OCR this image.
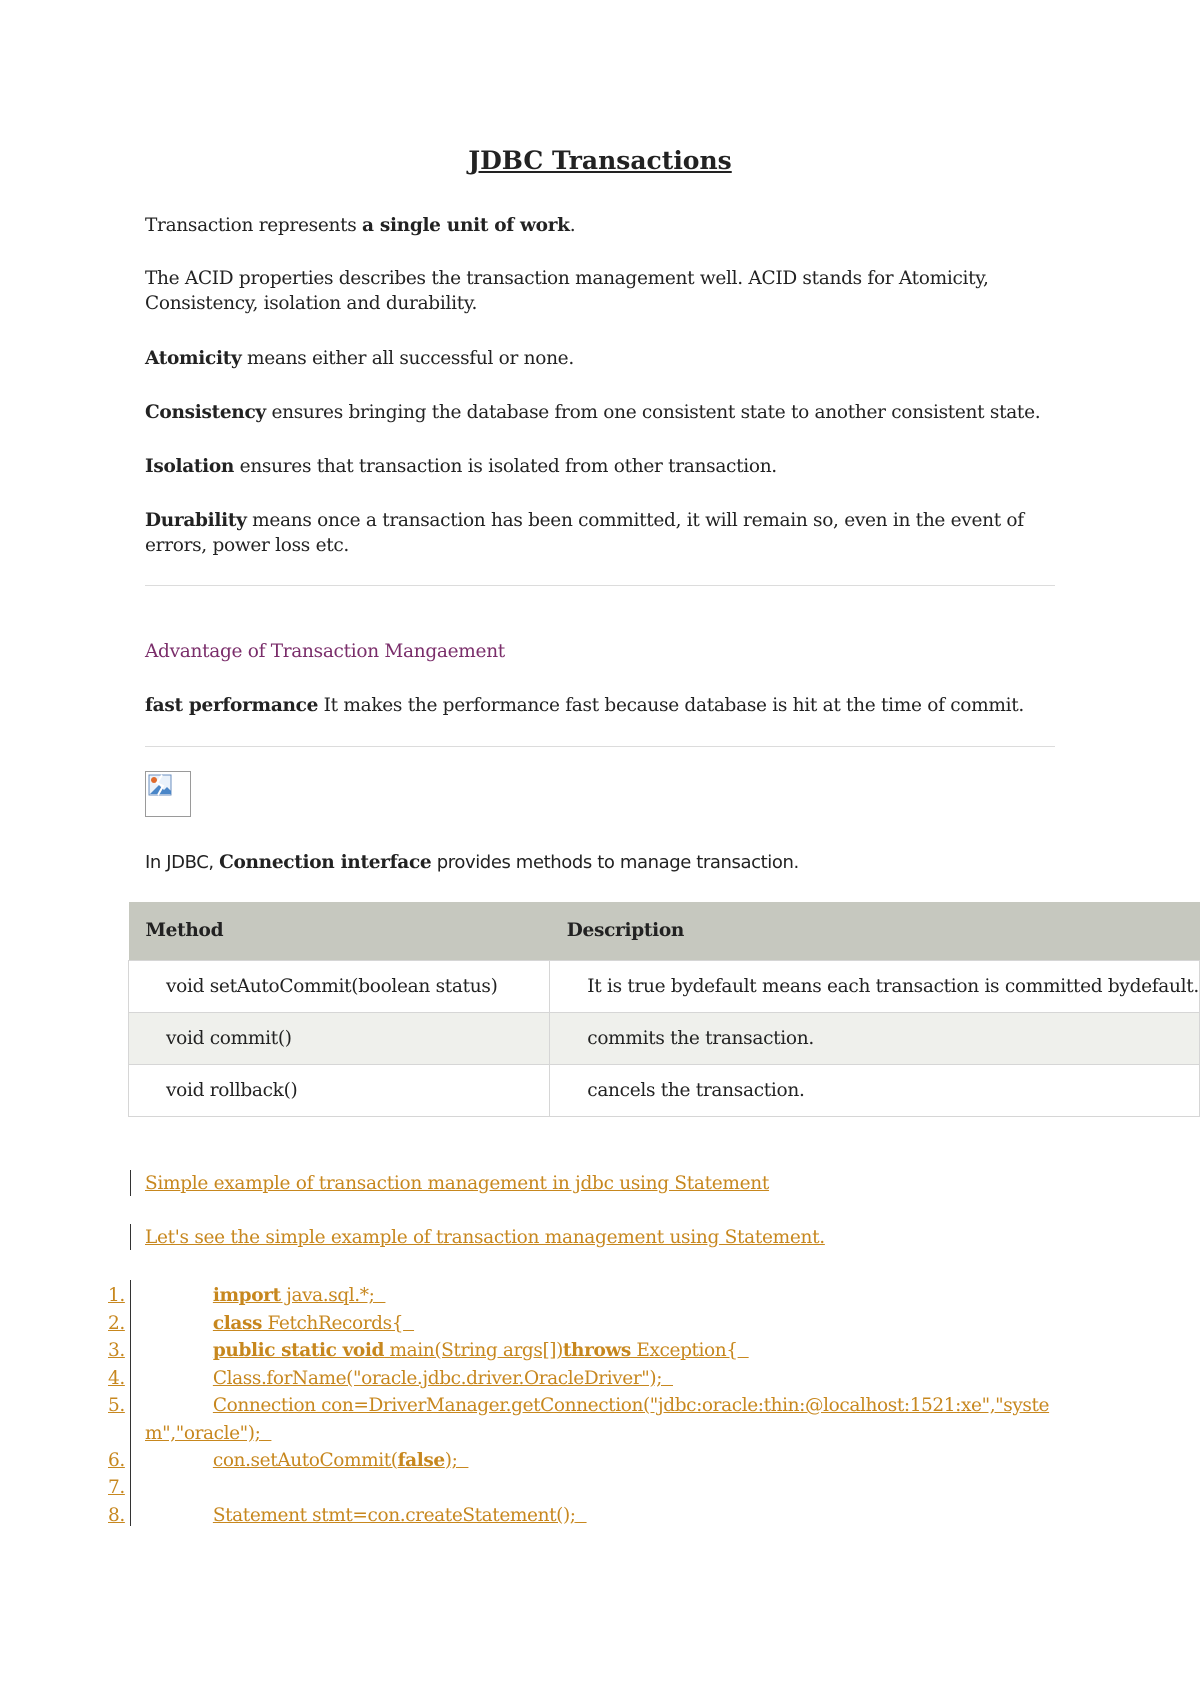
JDBC Transactions
Transaction represents a single unit of work.
The ACID properties describes the transaction management well. ACID stands for Atomicity,
Consistency, isolation and durability.
Atomicity means either all successful or none.
Consistency ensures bringing the database from one consistent state to another consistent state.
Isolation ensures that transaction is isolated from other transaction.
Durability means once a transaction has been committed, it will remain so, even in the event of
errors, power loss etc.
Advantage of Transaction Mangaement
fast performance It makes the performance fast because database is hit at the time of commit.
In JDBC, Connection interface provides methods to manage transaction.
Method	Description
void setAutoCommit(boolean status)	It is true bydefault means each transaction is committed bydefault.
void commit()	commits the transaction.
void rollback()	cancels the transaction.
Simple example of transaction management in jdbc using Statement
Let's see the simple example of transaction management using Statement.
1.	import java.sql.*;
2.	class FetchRecords{
3.	public static void main(String args[])throws Exception{
4.	Class.forName("oracle.jdbc.driver.OracleDriver");
5.	Connection con=DriverManager.getConnection("jdbc:oracle:thin:@localhost:1521:xe","syste
m","oracle");
6.	con.setAutoCommit(false);
7.
8.	Statement stmt=con.createStatement();
